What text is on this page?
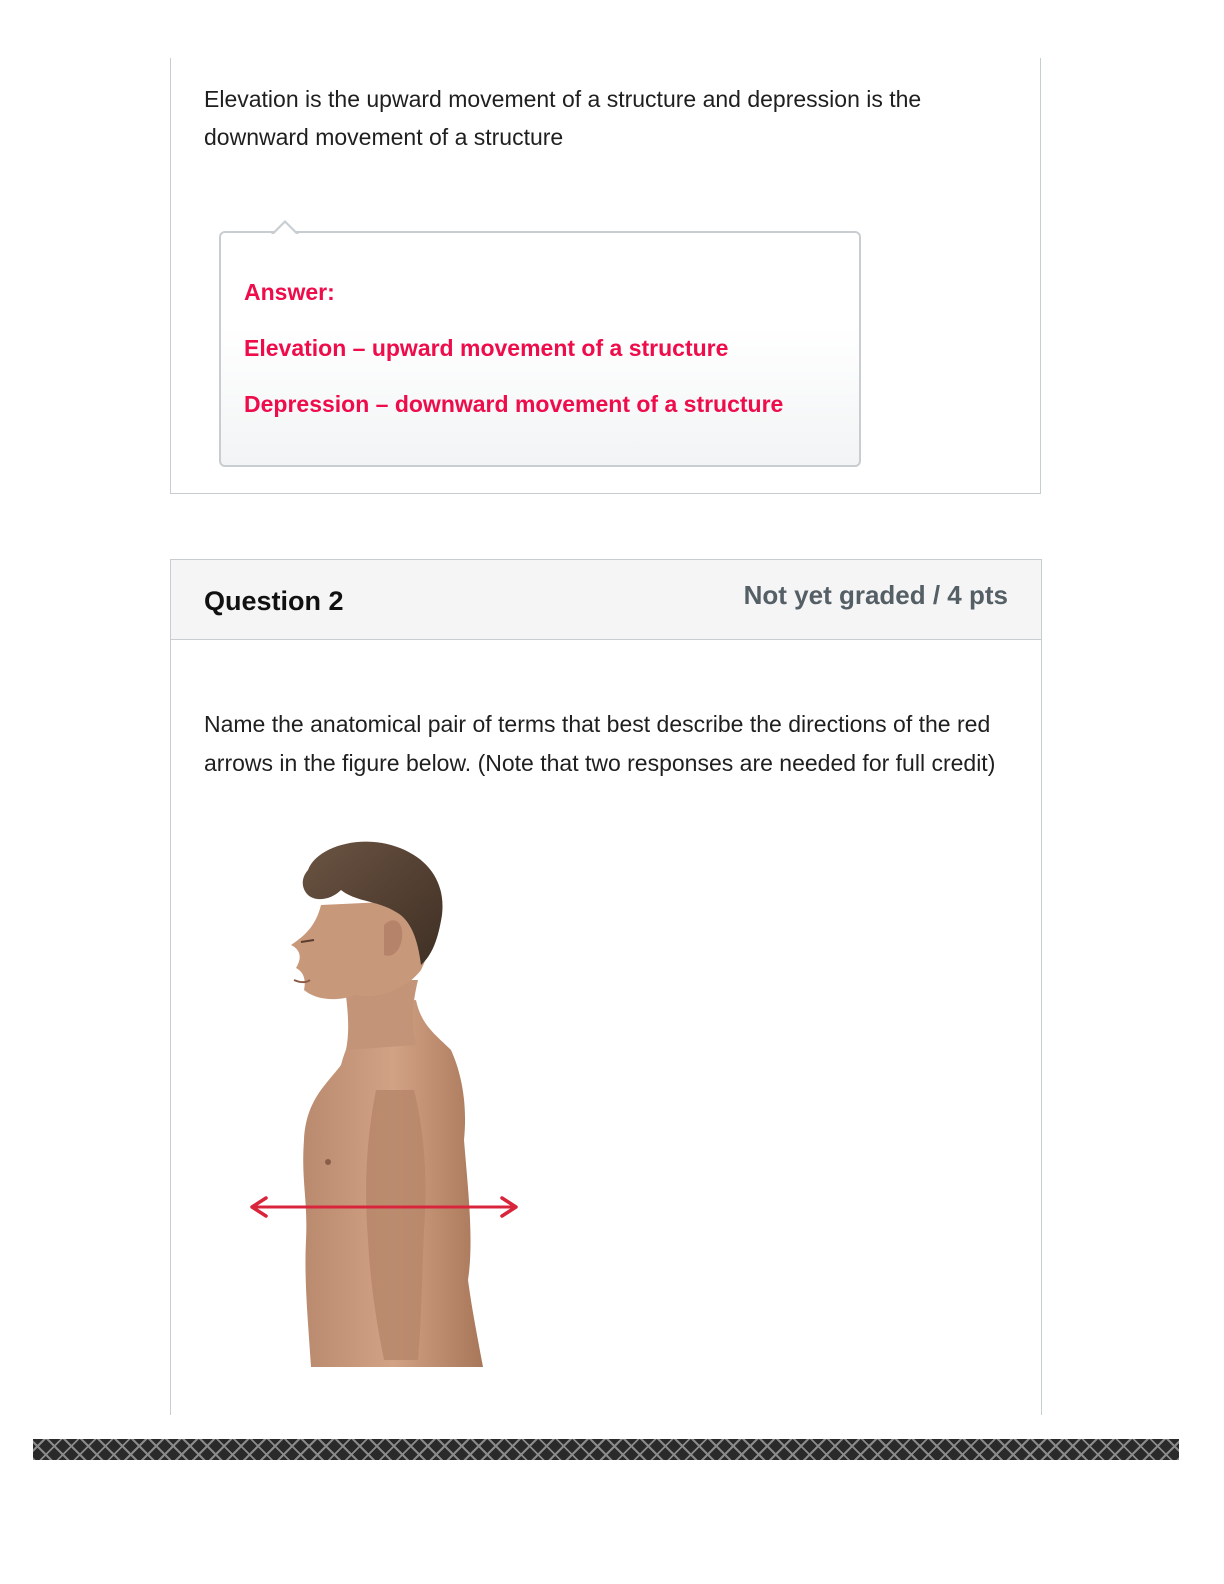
Elevation is the upward movement of a structure and depression is the downward movement of a structure

Answer:

Elevation – upward movement of a structure

Depression – downward movement of a structure

Question 2	Not yet graded / 4 pts

Name the anatomical pair of terms that best describe the directions of the red arrows in the figure below. (Note that two responses are needed for full credit)
